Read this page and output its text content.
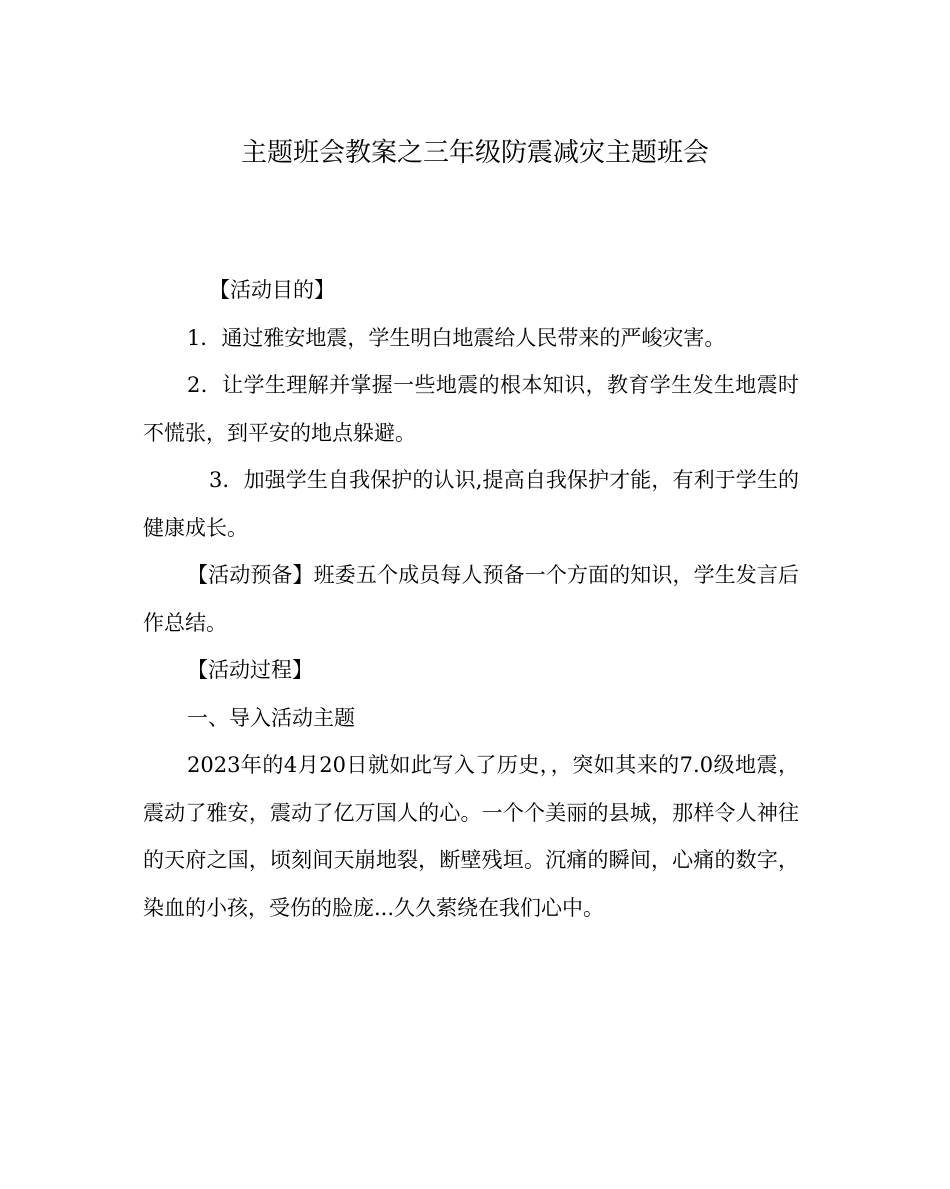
主题班会教案之三年级防震减灾主题班会

【活动目的】

1．通过雅安地震，学生明白地震给人民带来的严峻灾害。

2．让学生理解并掌握一些地震的根本知识，教育学生发生地震时不慌张，到平安的地点躲避。

3．加强学生自我保护的认识,提高自我保护才能，有利于学生的健康成长。

【活动预备】班委五个成员每人预备一个方面的知识，学生发言后作总结。

【活动过程】

一、导入活动主题

2023年的4月20日就如此写入了历史，，突如其来的7.0级地震，震动了雅安，震动了亿万国人的心。一个个美丽的县城，那样令人神往的天府之国，顷刻间天崩地裂，断壁残垣。沉痛的瞬间，心痛的数字，染血的小孩，受伤的脸庞...久久萦绕在我们心中。
